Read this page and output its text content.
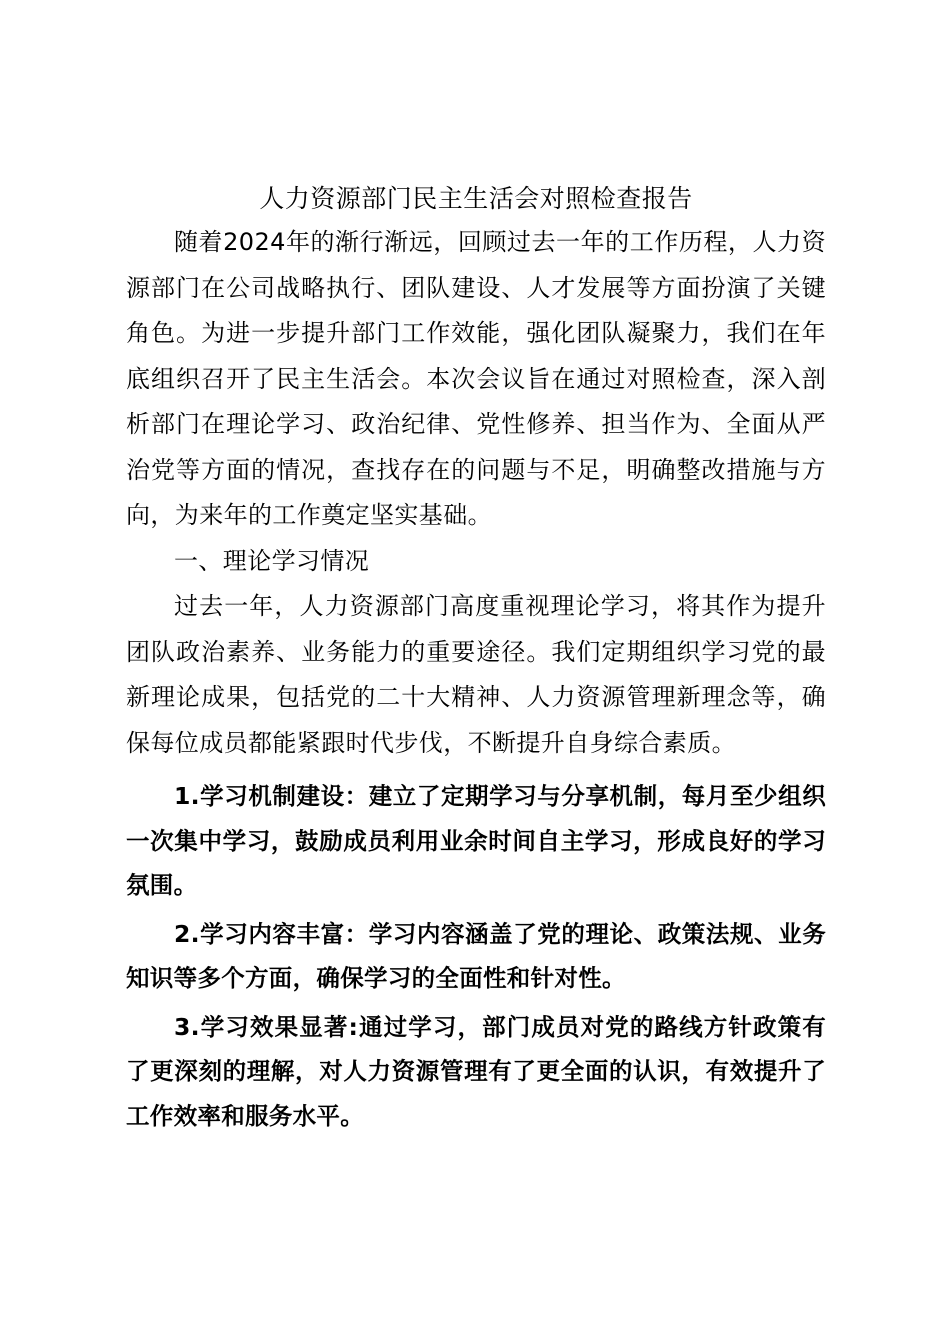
人力资源部门民主生活会对照检查报告

随着2024年的渐行渐远，回顾过去一年的工作历程，人力资源部门在公司战略执行、团队建设、人才发展等方面扮演了关键角色。为进一步提升部门工作效能，强化团队凝聚力，我们在年底组织召开了民主生活会。本次会议旨在通过对照检查，深入剖析部门在理论学习、政治纪律、党性修养、担当作为、全面从严治党等方面的情况，查找存在的问题与不足，明确整改措施与方向，为来年的工作奠定坚实基础。

一、理论学习情况

过去一年，人力资源部门高度重视理论学习，将其作为提升团队政治素养、业务能力的重要途径。我们定期组织学习党的最新理论成果，包括党的二十大精神、人力资源管理新理念等，确保每位成员都能紧跟时代步伐，不断提升自身综合素质。

1.学习机制建设：建立了定期学习与分享机制，每月至少组织一次集中学习，鼓励成员利用业余时间自主学习，形成良好的学习氛围。

2.学习内容丰富：学习内容涵盖了党的理论、政策法规、业务知识等多个方面，确保学习的全面性和针对性。

3.学习效果显著:通过学习，部门成员对党的路线方针政策有了更深刻的理解，对人力资源管理有了更全面的认识，有效提升了工作效率和服务水平。
